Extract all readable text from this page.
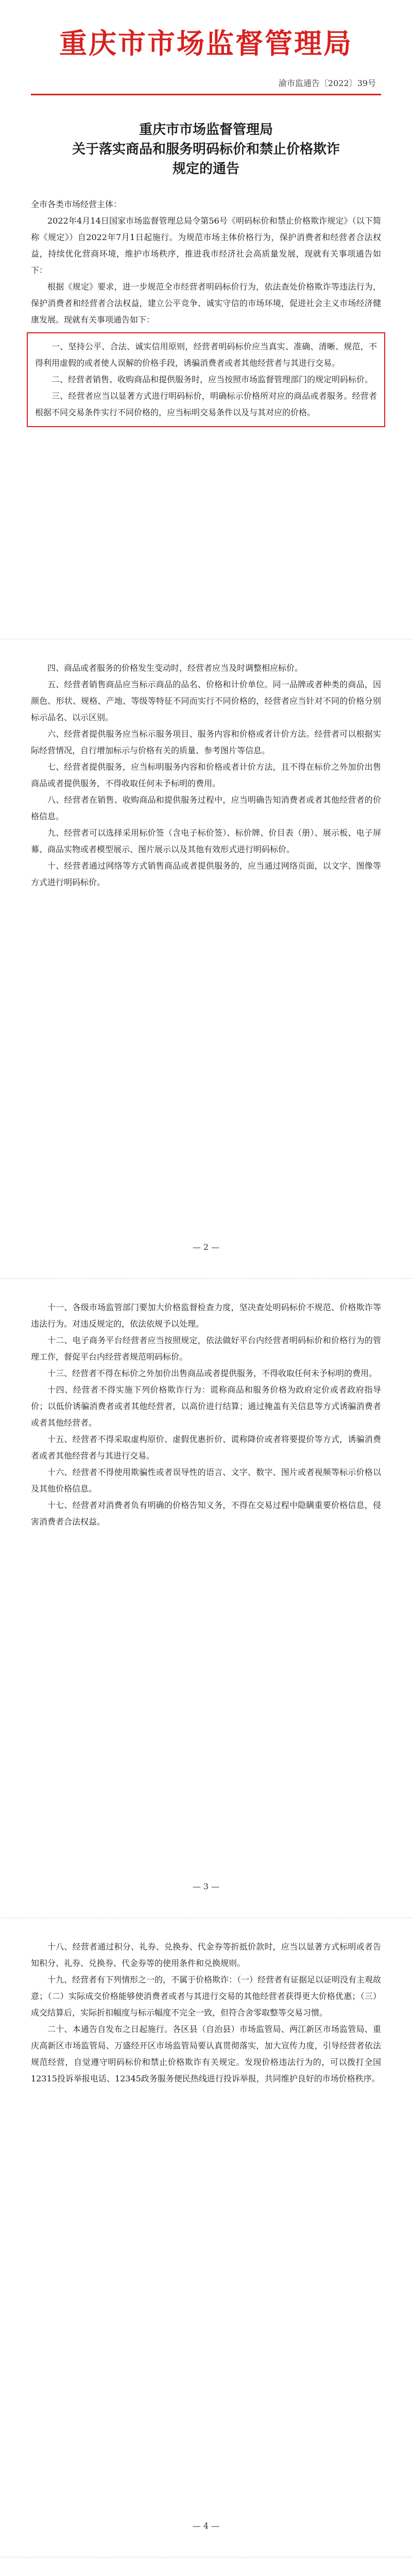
重庆市市场监督管理局
渝市监通告〔2022〕39号
重庆市市场监督管理局
关于落实商品和服务明码标价和禁止价格欺诈
规定的通告
全市各类市场经营主体：

2022年4月14日国家市场监督管理总局令第56号《明码标价和禁止价格欺诈规定》（以下简称《规定》）自2022年7月1日起施行。为规范市场主体价格行为，保护消费者和经营者合法权益，持续优化营商环境，维护市场秩序，推进我市经济社会高质量发展，现就有关事项通告如下：

根据《规定》要求，进一步规范全市经营者明码标价行为，依法查处价格欺诈等违法行为，保护消费者和经营者合法权益，建立公平竞争、诚实守信的市场环境，促进社会主义市场经济健康发展。现就有关事项通告如下：

一、坚持公平、合法、诚实信用原则，经营者明码标价应当真实、准确、清晰、规范，不得利用虚假的或者使人误解的价格手段，诱骗消费者或者其他经营者与其进行交易。

二、经营者销售、收购商品和提供服务时，应当按照市场监督管理部门的规定明码标价。

三、经营者应当以显著方式进行明码标价，明确标示价格所对应的商品或者服务。经营者根据不同交易条件实行不同价格的，应当标明交易条件以及与其对应的价格。

四、商品或者服务的价格发生变动时，经营者应当及时调整相应标价。

五、经营者销售商品应当标示商品的品名、价格和计价单位。同一品牌或者种类的商品，因颜色、形状、规格、产地、等级等特征不同而实行不同价格的，经营者应当针对不同的价格分别标示品名、以示区别。

六、经营者提供服务应当标示服务项目、服务内容和价格或者计价方法。经营者可以根据实际经营情况，自行增加标示与价格有关的质量、参考图片等信息。

七、经营者提供服务，应当标明服务内容和价格或者计价方法，且不得在标价之外加价出售商品或者提供服务，不得收取任何未予标明的费用。

八、经营者在销售、收购商品和提供服务过程中，应当明确告知消费者或者其他经营者的价格信息。

九、经营者可以选择采用标价签（含电子标价签）、标价牌、价目表（册）、展示板、电子屏幕、商品实物或者模型展示、图片展示以及其他有效形式进行明码标价。

十、经营者通过网络等方式销售商品或者提供服务的，应当通过网络页面，以文字、图像等方式进行明码标价。

— 2 —

十一、各级市场监管部门要加大价格监督检查力度，坚决查处明码标价不规范、价格欺诈等违法行为。对违反规定的，依法依规予以处理。

十二、电子商务平台经营者应当按照规定，依法做好平台内经营者明码标价和价格行为的管理工作，督促平台内经营者规范明码标价。

十三、经营者不得在标价之外加价出售商品或者提供服务，不得收取任何未予标明的费用。

十四、经营者不得实施下列价格欺诈行为：谎称商品和服务价格为政府定价或者政府指导价；以低价诱骗消费者或者其他经营者，以高价进行结算；通过掩盖有关信息等方式诱骗消费者或者其他经营者。

十五、经营者不得采取虚构原价、虚假优惠折价、谎称降价或者将要提价等方式，诱骗消费者或者其他经营者与其进行交易。

十六、经营者不得使用欺骗性或者误导性的语言、文字、数字、图片或者视频等标示价格以及其他价格信息。

十七、经营者对消费者负有明确的价格告知义务，不得在交易过程中隐瞒重要价格信息，侵害消费者合法权益。

— 3 —

十八、经营者通过积分、礼券、兑换券、代金券等折抵价款时，应当以显著方式标明或者告知积分、礼券、兑换券、代金券等的使用条件和兑换规则。

十九、经营者有下列情形之一的，不属于价格欺诈：（一）经营者有证据足以证明没有主观故意；（二）实际成交价格能够使消费者或者与其进行交易的其他经营者获得更大价格优惠；（三）成交结算后，实际折扣幅度与标示幅度不完全一致，但符合舍零取整等交易习惯。

二十、本通告自发布之日起施行。各区县（自治县）市场监管局、两江新区市场监管局、重庆高新区市场监管局、万盛经开区市场监管局要认真贯彻落实，加大宣传力度，引导经营者依法规范经营，自觉遵守明码标价和禁止价格欺诈有关规定。发现价格违法行为的，可以拨打全国12315投诉举报电话、12345政务服务便民热线进行投诉举报，共同维护良好的市场价格秩序。

— 4 —
